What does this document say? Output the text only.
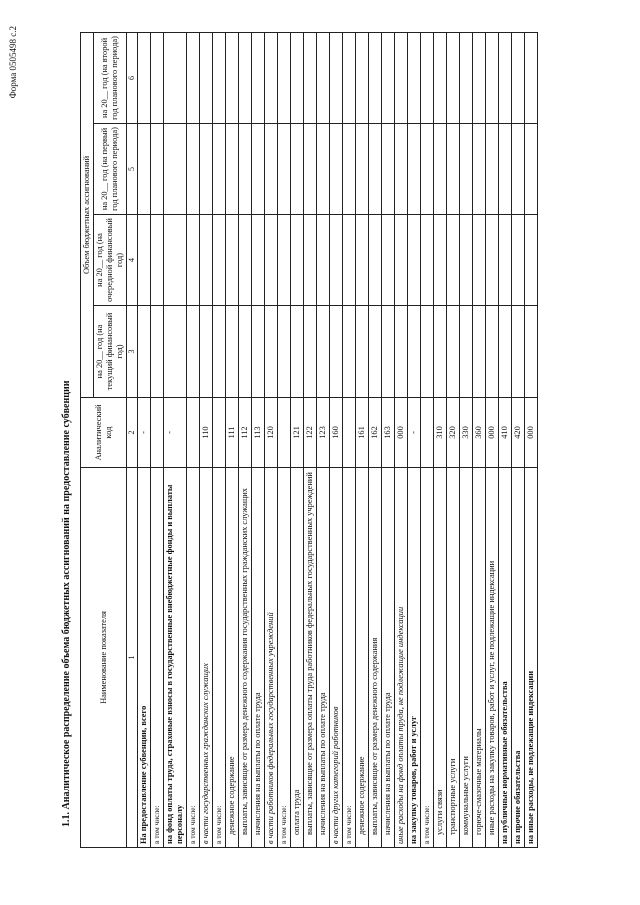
Форма 0505498 с.2
1.1. Аналитическое распределение объема бюджетных ассигнований на предоставление субвенции	Наименование показателя	Аналитический код	Объем бюджетных ассигнований			
		на 20__ год (на текущий финансовый год)	на 20__ год (на очередной финансовый год)	на 20__ год (на первый год планового периода)	на 20__ год (на второй год планового периода)
1	2	3	4	5	6
На предоставление субвенции, всего	-				
в том числе:					
на фонд оплаты труда, страховые взносы в государственные внебюджетные фонды и выплаты персоналу	-				
в том числе:					
в части государственных гражданских служащих	110				
в том числе:					
денежное содержание	111				
выплаты, зависящие от размера денежного содержания государственных гражданских служащих	112				
начисления на выплаты по оплате труда	113				
в части работников федеральных государственных учреждений	120				
в том числе:					
оплата труда	121				
выплаты, зависящие от размера оплаты труда работников федеральных государственных учреждений	122				
начисления на выплаты по оплате труда	123				
в части других категорий работников	160				
в том числе:					
денежное содержание	161				
выплаты, зависящие от размера денежного содержания	162				
начисления на выплаты по оплате труда	163				
иные расходы на фонд оплаты труда, не подлежащие индексации	000				
на закупку товаров, работ и услуг	-				
в том числе:					
услуги связи	310				
транспортные услуги	320				
коммунальные услуги	330				
горюче-смазочные материалы	360				
иные расходы на закупку товаров, работ и услуг, не подлежащие индексации	000				
на публичные нормативные обязательства	410				
на прочие обязательства	420				
на иные расходы, не подлежащие индексации	000				
